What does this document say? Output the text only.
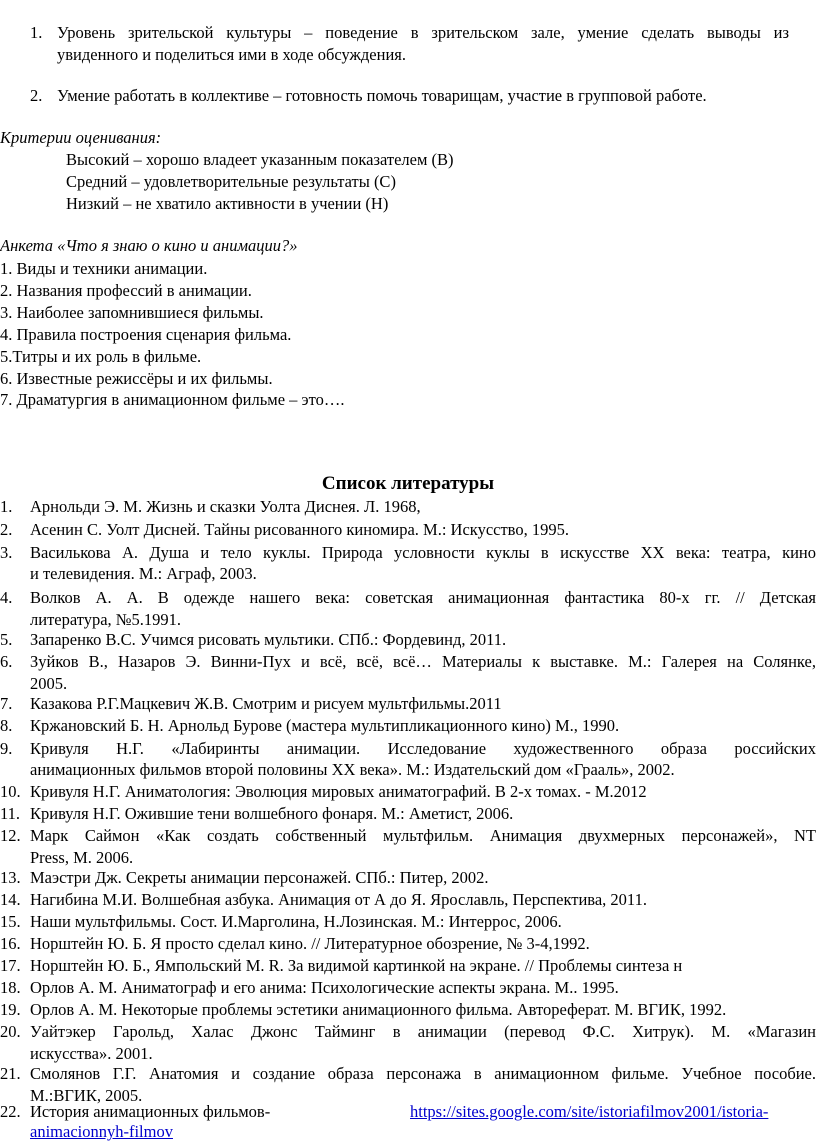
1. Уровень зрительской культуры – поведение в зрительском зале, умение сделать выводы из
увиденного и поделиться ими в ходе обсуждения.
2. Умение работать в коллективе – готовность помочь товарищам, участие в групповой работе.
Критерии оценивания:
Высокий – хорошо владеет указанным показателем (В)
Средний – удовлетворительные результаты (С)
Низкий – не хватило активности в учении (Н)
Анкета «Что я знаю о кино и анимации?»
1. Виды и техники анимации.
2. Названия профессий в анимации.
3. Наиболее запомнившиеся фильмы.
4. Правила построения сценария фильма.
5.Титры и их роль в фильме.
6. Известные режиссёры и их фильмы.
7. Драматургия в анимационном фильме – это….
Список литературы
1. Арнольди Э. М. Жизнь и сказки Уолта Диснея. Л. 1968,
2. Асенин С. Уолт Дисней. Тайны рисованного киномира. М.: Искусство, 1995.
3. Василькова А. Душа и тело куклы. Природа условности куклы в искусстве ХХ века: театра, кино
и телевидения. М.: Аграф, 2003.
4. Волков А. А. В одежде нашего века: советская анимационная фантастика 80-х гг. // Детская
литература, №5.1991.
5. Запаренко В.С. Учимся рисовать мультики. СПб.: Фордевинд, 2011.
6. Зуйков В., Назаров Э. Винни-Пух и всё, всё, всё… Материалы к выставке. М.: Галерея на Солянке,
2005.
7. Казакова Р.Г.Мацкевич Ж.В. Смотрим и рисуем мультфильмы.2011
8. Кржановский Б. Н. Арнольд Бурове (мастера мультипликационного кино) М., 1990.
9. Кривуля Н.Г. «Лабиринты анимации. Исследование художественного образа российских
анимационных фильмов второй половины ХХ века». М.: Издательский дом «Грааль», 2002.
10. Кривуля Н.Г. Аниматология: Эволюция мировых аниматографий. В 2-х томах. - М.2012
11. Кривуля Н.Г. Ожившие тени волшебного фонаря. М.: Аметист, 2006.
12. Марк Саймон «Как создать собственный мультфильм. Анимация двухмерных персонажей», NT
Press, М. 2006.
13. Маэстри Дж. Секреты анимации персонажей. СПб.: Питер, 2002.
14. Нагибина М.И. Волшебная азбука. Анимация от А до Я. Ярославль, Перспектива, 2011.
15. Наши мультфильмы. Сост. И.Марголина, Н.Лозинская. М.: Интеррос, 2006.
16. Норштейн Ю. Б. Я просто сделал кино. // Литературное обозрение, № 3-4,1992.
17. Норштейн Ю. Б., Ямпольский М. R. За видимой картинкой на экране. // Проблемы синтеза н
18. Орлов А. М. Аниматограф и его анима: Психологические аспекты экрана. М.. 1995.
19. Орлов А. М. Некоторые проблемы эстетики анимационного фильма. Автореферат. М. ВГИК, 1992.
20. Уайтэкер Гарольд, Халас Джонс Тайминг в анимации (перевод Ф.С. Хитрук). М. «Магазин
искусства». 2001.
21. Смолянов Г.Г. Анатомия и создание образа персонажа в анимационном фильме. Учебное пособие.
М.:ВГИК, 2005.
22. История анимационных фильмов-	https://sites.google.com/site/istoriafilmov2001/istoria-
animacionnyh-filmov
